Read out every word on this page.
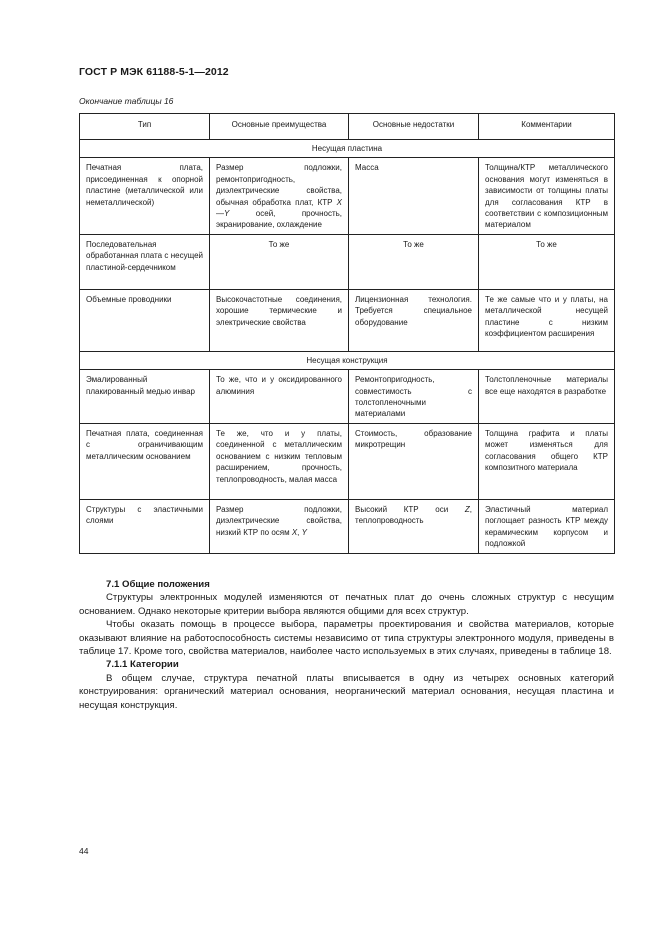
ГОСТ Р МЭК 61188-5-1—2012
Окончание таблицы 16
Тип	Основные преимущества	Основные недостатки	Комментарии
Несущая пластина			
Печатная плата, присоединенная к опорной пластине (металлической или неметаллической)	Размер подложки, ремонтопригодность, диэлектрические свойства, обычная обработка плат, КТР X—Y осей, прочность, экранирование, охлаждение	Масса	Толщина/КТР металлического основания могут изменяться в зависимости от толщины платы для согласования КТР в соответствии с композиционным материалом
Последовательная обработанная плата с несущей пластиной-сердечником	То же	То же	То же
Объемные проводники	Высокочастотные соединения, хорошие термические и электрические свойства	Лицензионная технология. Требуется специальное оборудование	Те же самые что и у платы, на металлической несущей пластине с низким коэффициентом расширения
Несущая конструкция			
Эмалированный плакированный медью инвар	То же, что и у оксидированного алюминия	Ремонтопригодность, совместимость с толстопленочными материалами	Толстопленочные материалы все еще находятся в разработке
Печатная плата, соединенная с ограничивающим металлическим основанием	Те же, что и у платы, соединенной с металлическим основанием с низким тепловым расширением, прочность, теплопроводность, малая масса	Стоимость, образование микротрещин	Толщина графита и платы может изменяться для согласования общего КТР композитного материала
Структуры с эластичными слоями	Размер подложки, диэлектрические свойства, низкий КТР по осям X, Y	Высокий КТР оси Z, теплопроводность	Эластичный материал поглощает разность КТР между керамическим корпусом и подложкой

7.1 Общие положения

Структуры электронных модулей изменяются от печатных плат до очень сложных структур с несущим основанием. Однако некоторые критерии выбора являются общими для всех структур.

Чтобы оказать помощь в процессе выбора, параметры проектирования и свойства материалов, которые оказывают влияние на работоспособность системы независимо от типа структуры электронного модуля, приведены в таблице 17. Кроме того, свойства материалов, наиболее часто используемых в этих случаях, приведены в таблице 18.

7.1.1 Категории

В общем случае, структура печатной платы вписывается в одну из четырех основных категорий конструирования: органический материал основания, неорганический материал основания, несущая пластина и несущая конструкция.

44
